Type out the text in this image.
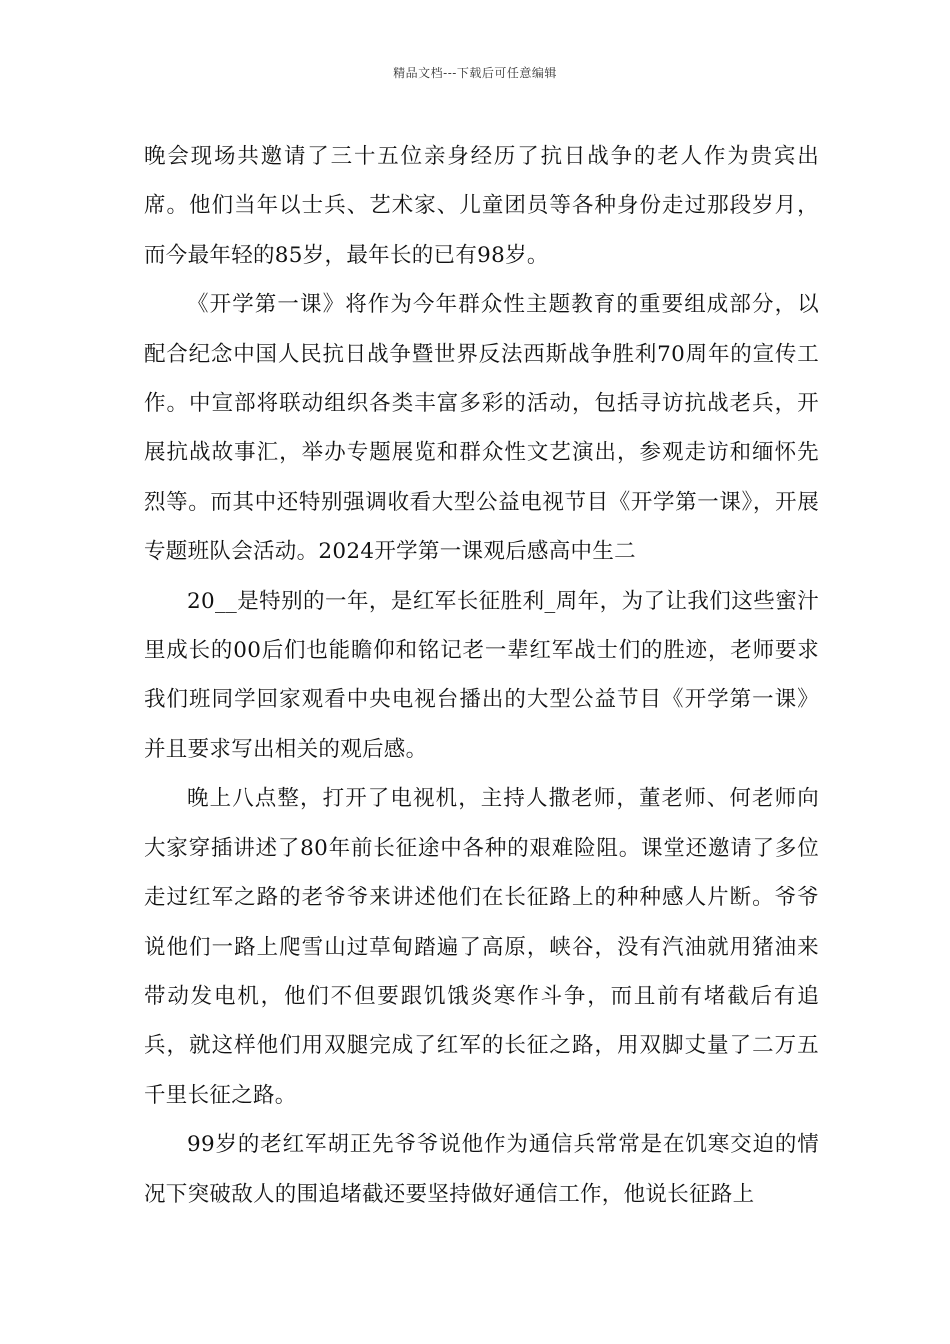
精品文档---下载后可任意编辑

晚会现场共邀请了三十五位亲身经历了抗日战争的老人作为贵宾出席。他们当年以士兵、艺术家、儿童团员等各种身份走过那段岁月，而今最年轻的85岁，最年长的已有98岁。

《开学第一课》将作为今年群众性主题教育的重要组成部分，以配合纪念中国人民抗日战争暨世界反法西斯战争胜利70周年的宣传工作。中宣部将联动组织各类丰富多彩的活动，包括寻访抗战老兵，开展抗战故事汇，举办专题展览和群众性文艺演出，参观走访和缅怀先烈等。而其中还特别强调收看大型公益电视节目《开学第一课》，开展专题班队会活动。2024开学第一课观后感高中生二

20__是特别的一年，是红军长征胜利_周年，为了让我们这些蜜汁里成长的00后们也能瞻仰和铭记老一辈红军战士们的胜迹，老师要求我们班同学回家观看中央电视台播出的大型公益节目《开学第一课》并且要求写出相关的观后感。

晚上八点整，打开了电视机，主持人撒老师，董老师、何老师向大家穿插讲述了80年前长征途中各种的艰难险阻。课堂还邀请了多位走过红军之路的老爷爷来讲述他们在长征路上的种种感人片断。爷爷说他们一路上爬雪山过草甸踏遍了高原，峡谷，没有汽油就用猪油来带动发电机，他们不但要跟饥饿炎寒作斗争，而且前有堵截后有追兵，就这样他们用双腿完成了红军的长征之路，用双脚丈量了二万五千里长征之路。

99岁的老红军胡正先爷爷说他作为通信兵常常是在饥寒交迫的情况下突破敌人的围追堵截还要坚持做好通信工作，他说长征路上
